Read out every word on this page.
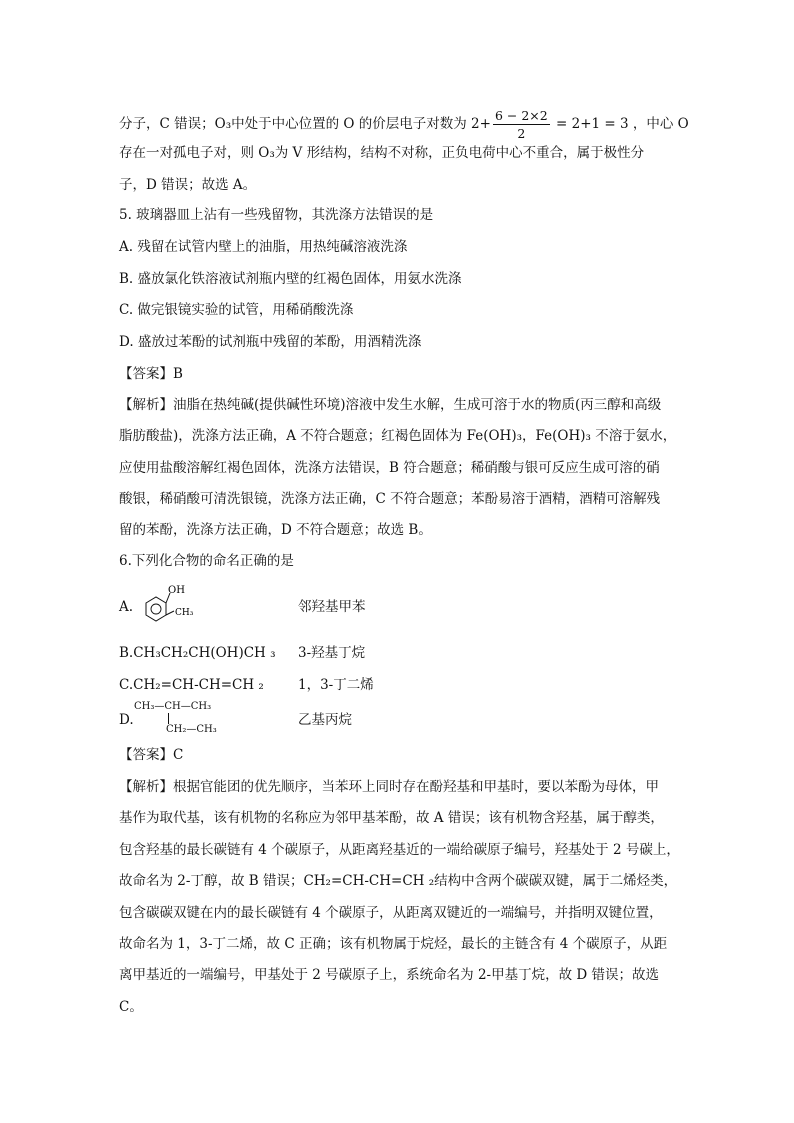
分子，C 错误；O₃中处于中心位置的 O 的价层电子对数为 $2+ \frac{6 - 2\times 2}{2} = 2+1 = 3$ ，中心 O
存在一对孤电子对，则 O₃为 V 形结构，结构不对称，正负电荷中心不重合，属于极性分
子，D 错误；故选 A。
5. 玻璃器皿上沾有一些残留物，其洗涤方法错误的是
A. 残留在试管内壁上的油脂，用热纯碱溶液洗涤
B. 盛放氯化铁溶液试剂瓶内壁的红褐色固体，用氨水洗涤
C. 做完银镜实验的试管，用稀硝酸洗涤
D. 盛放过苯酚的试剂瓶中残留的苯酚，用酒精洗涤
【答案】B
【解析】油脂在热纯碱(提供碱性环境)溶液中发生水解，生成可溶于水的物质(丙三醇和高级
脂肪酸盐)，洗涤方法正确，A 不符合题意；红褐色固体为 Fe(OH)₃，Fe(OH)₃ 不溶于氨水，
应使用盐酸溶解红褐色固体，洗涤方法错误，B 符合题意；稀硝酸与银可反应生成可溶的硝
酸银，稀硝酸可清洗银镜，洗涤方法正确，C 不符合题意；苯酚易溶于酒精，酒精可溶解残
留的苯酚，洗涤方法正确，D 不符合题意；故选 B。
6.下列化合物的命名正确的是
A.
OH
CH₃	邻羟基甲苯
B.CH₃CH₂CH(OH)CH ₃ 3-羟基丁烷
C.CH₂=CH-CH=CH ₂	1，3-丁二烯
D.
CH₃—CH—CH₃
CH₂—CH₃
乙基丙烷
【答案】C
【解析】根据官能团的优先顺序，当苯环上同时存在酚羟基和甲基时，要以苯酚为母体，甲
基作为取代基，该有机物的名称应为邻甲基苯酚，故 A 错误；该有机物含羟基，属于醇类，
包含羟基的最长碳链有 4 个碳原子，从距离羟基近的一端给碳原子编号，羟基处于 2 号碳上，
故命名为 2-丁醇，故 B 错误；CH₂=CH-CH=CH ₂结构中含两个碳碳双键，属于二烯烃类，
包含碳碳双键在内的最长碳链有 4 个碳原子，从距离双键近的一端编号，并指明双键位置，
故命名为 1，3-丁二烯，故 C 正确；该有机物属于烷烃，最长的主链含有 4 个碳原子，从距
离甲基近的一端编号，甲基处于 2 号碳原子上，系统命名为 2-甲基丁烷，故 D 错误；故选
C。
